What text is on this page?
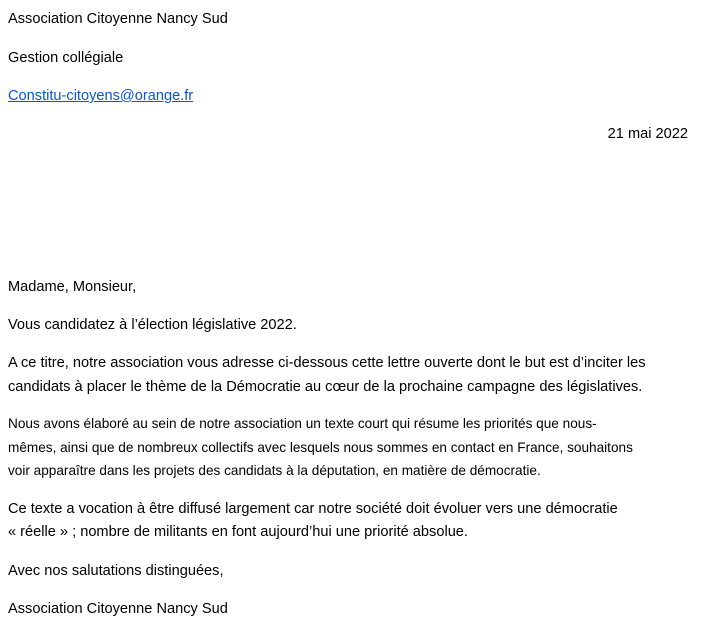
Association Citoyenne Nancy Sud
Gestion collégiale
Constitu-citoyens@orange.fr
21 mai 2022
Madame, Monsieur,
Vous candidatez à l’élection législative 2022.
A ce titre, notre association vous adresse ci-dessous cette lettre ouverte dont le but est d’inciter les
candidats à placer le thème de la Démocratie au cœur de la prochaine campagne des législatives.
Nous avons élaboré au sein de notre association un texte court qui résume les priorités que nous-
mêmes, ainsi que de nombreux collectifs avec lesquels nous sommes en contact en France, souhaitons
voir apparaître dans les projets des candidats à la députation, en matière de démocratie.
Ce texte a vocation à être diffusé largement car notre société doit évoluer vers une démocratie
« réelle » ; nombre de militants en font aujourd’hui une priorité absolue.
Avec nos salutations distinguées,
Association Citoyenne Nancy Sud
